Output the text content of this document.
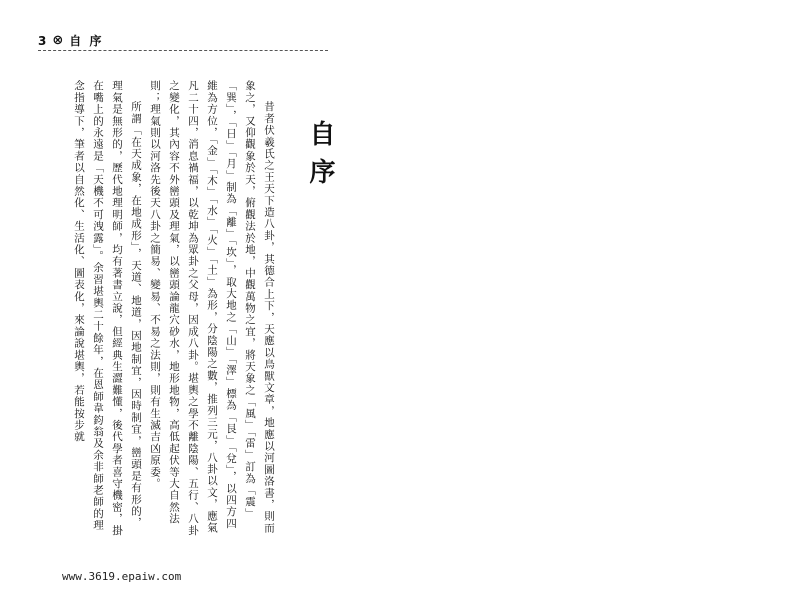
3 ⊗ 自 序
自序

昔者伏羲氏之王天下造八卦，其德合上下，天應以鳥獸文章，地應以河圖洛書，則而象之，又仰觀象於天，俯觀法於地，中觀萬物之宜，將天象之「風」「雷」訂為「震」「巽」，「日」「月」制為「離」「坎」，取大地之「山」「澤」標為「艮」「兌」，以四方四維為方位，「金」「木」「水」「火」「土」為形，分陰陽之數，推列三元，八卦以文，應氣凡二十四，消息禍福，以乾坤為眾卦之父母，因成八卦。堪輿之學不離陰陽、五行、八卦之變化，其內容不外巒頭及理氣，以巒頭論龍穴砂水，地形地物，高低起伏等大自然法則；理氣則以河洛先後天八卦之簡易、變易、不易之法則，則有生滅吉凶原委。

所謂「在天成象，在地成形」，天道、地道，因地制宜，因時制宜，巒頭是有形的，理氣是無形的，歷代地理明師，均有著書立說，但經典生澀難懂，後代學者喜守機密，掛在嘴上的永遠是「天機不可洩露」。余習堪輿二十餘年，在恩師韋鈞翁及余非師老師的理念指導下，筆者以自然化、生活化、圖表化，來論說堪輿，若能按步就

www.3619.epaiw.com
